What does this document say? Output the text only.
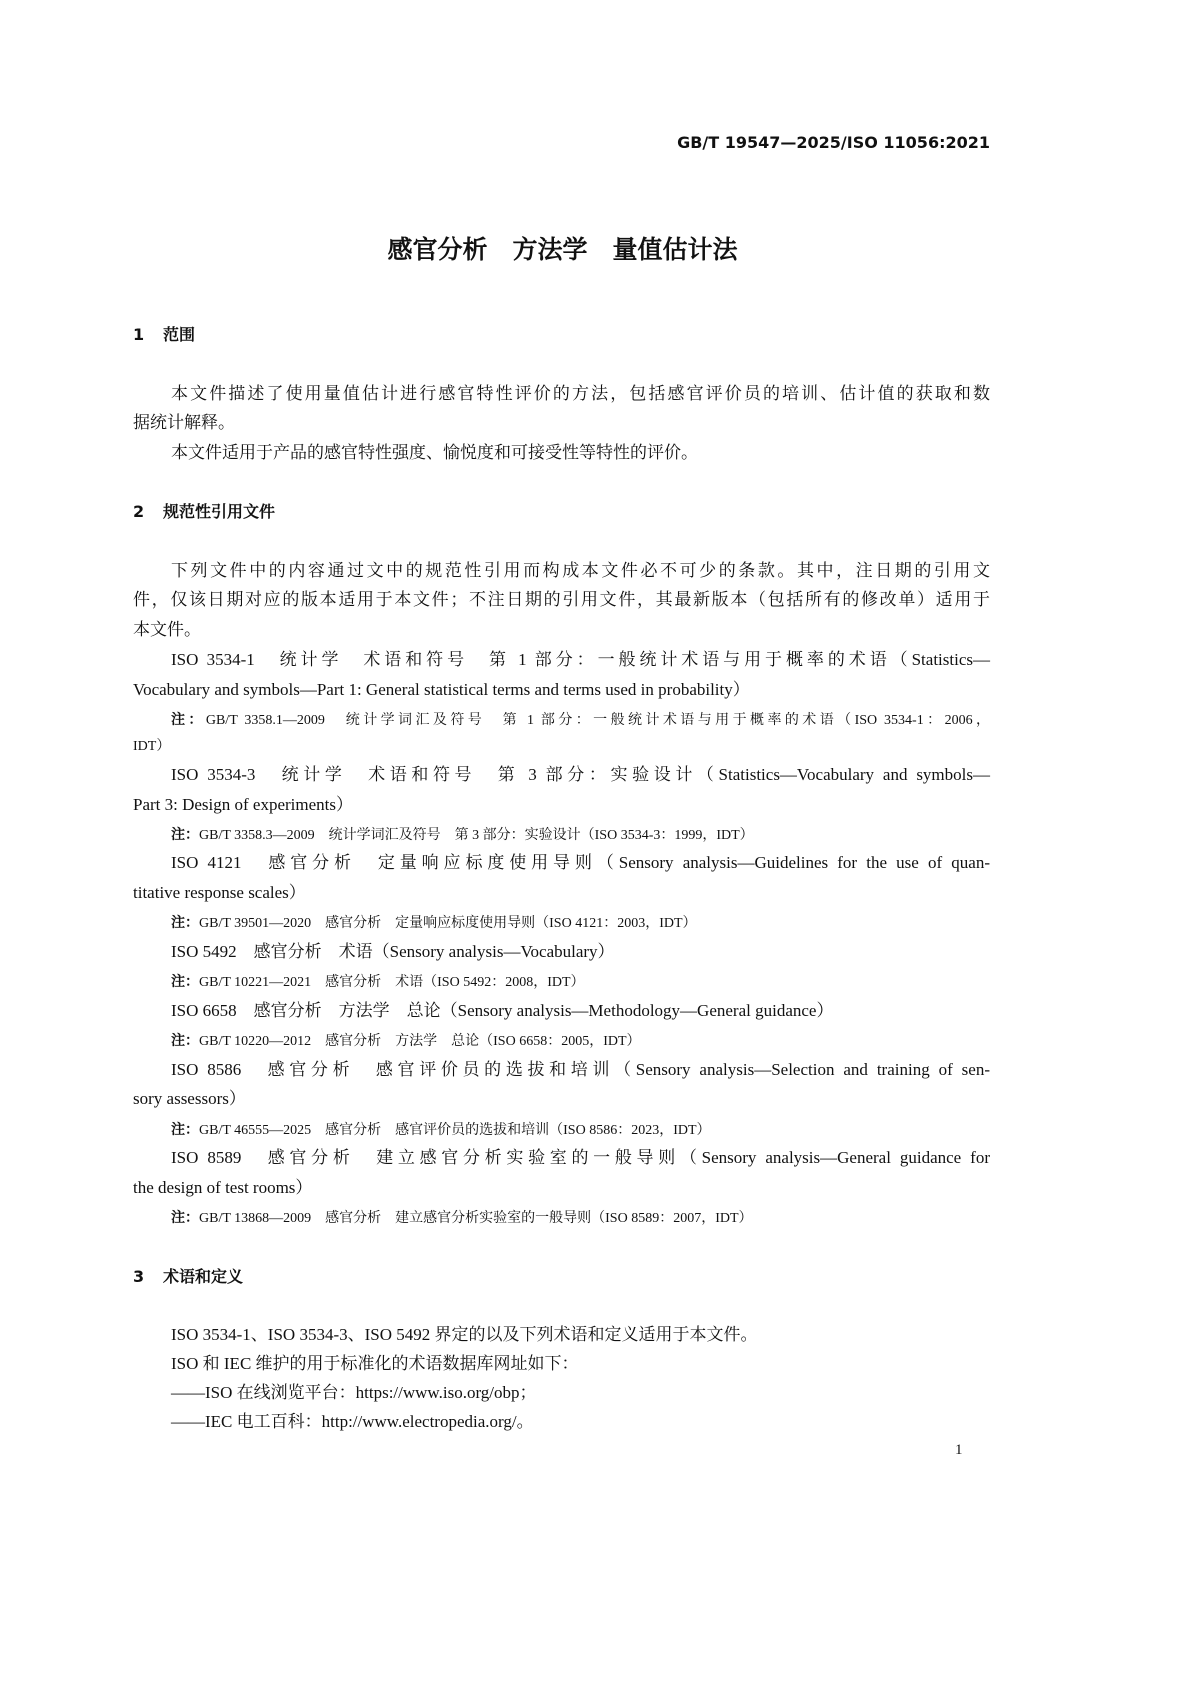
GB/T 19547—2025/ISO 11056:2021
感官分析　方法学　量值估计法
1 范围
本文件描述了使用量值估计进行感官特性评价的方法，包括感官评价员的培训、估计值的获取和数
据统计解释。
本文件适用于产品的感官特性强度、愉悦度和可接受性等特性的评价。
2 规范性引用文件
下列文件中的内容通过文中的规范性引用而构成本文件必不可少的条款。其中，注日期的引用文
件，仅该日期对应的版本适用于本文件；不注日期的引用文件，其最新版本（包括所有的修改单）适用于
本文件。
ISO 3534-1　统计学　术语和符号　第 1 部分：一般统计术语与用于概率的术语（Statistics—
Vocabulary and symbols—Part 1: General statistical terms and terms used in probability）
注：GB/T 3358.1—2009　统计学词汇及符号　第 1 部分：一般统计术语与用于概率的术语（ISO 3534-1：2006，
IDT）
ISO 3534-3　统计学　术语和符号　第 3 部分：实验设计（Statistics—Vocabulary and symbols—
Part 3: Design of experiments）
注：GB/T 3358.3—2009　统计学词汇及符号　第 3 部分：实验设计（ISO 3534-3：1999，IDT）
ISO 4121　感官分析　定量响应标度使用导则（Sensory analysis—Guidelines for the use of quan-
titative response scales）
注：GB/T 39501—2020　感官分析　定量响应标度使用导则（ISO 4121：2003，IDT）
ISO 5492　感官分析　术语（Sensory analysis—Vocabulary）
注：GB/T 10221—2021　感官分析　术语（ISO 5492：2008，IDT）
ISO 6658　感官分析　方法学　总论（Sensory analysis—Methodology—General guidance）
注：GB/T 10220—2012　感官分析　方法学　总论（ISO 6658：2005，IDT）
ISO 8586　感官分析　感官评价员的选拔和培训（Sensory analysis—Selection and training of sen-
sory assessors）
注：GB/T 46555—2025　感官分析　感官评价员的选拔和培训（ISO 8586：2023，IDT）
ISO 8589　感官分析　建立感官分析实验室的一般导则（Sensory analysis—General guidance for
the design of test rooms）
注：GB/T 13868—2009　感官分析　建立感官分析实验室的一般导则（ISO 8589：2007，IDT）
3 术语和定义
ISO 3534-1、ISO 3534-3、ISO 5492 界定的以及下列术语和定义适用于本文件。
ISO 和 IEC 维护的用于标准化的术语数据库网址如下：
——ISO 在线浏览平台：https://www.iso.org/obp；
——IEC 电工百科：http://www.electropedia.org/。
1
